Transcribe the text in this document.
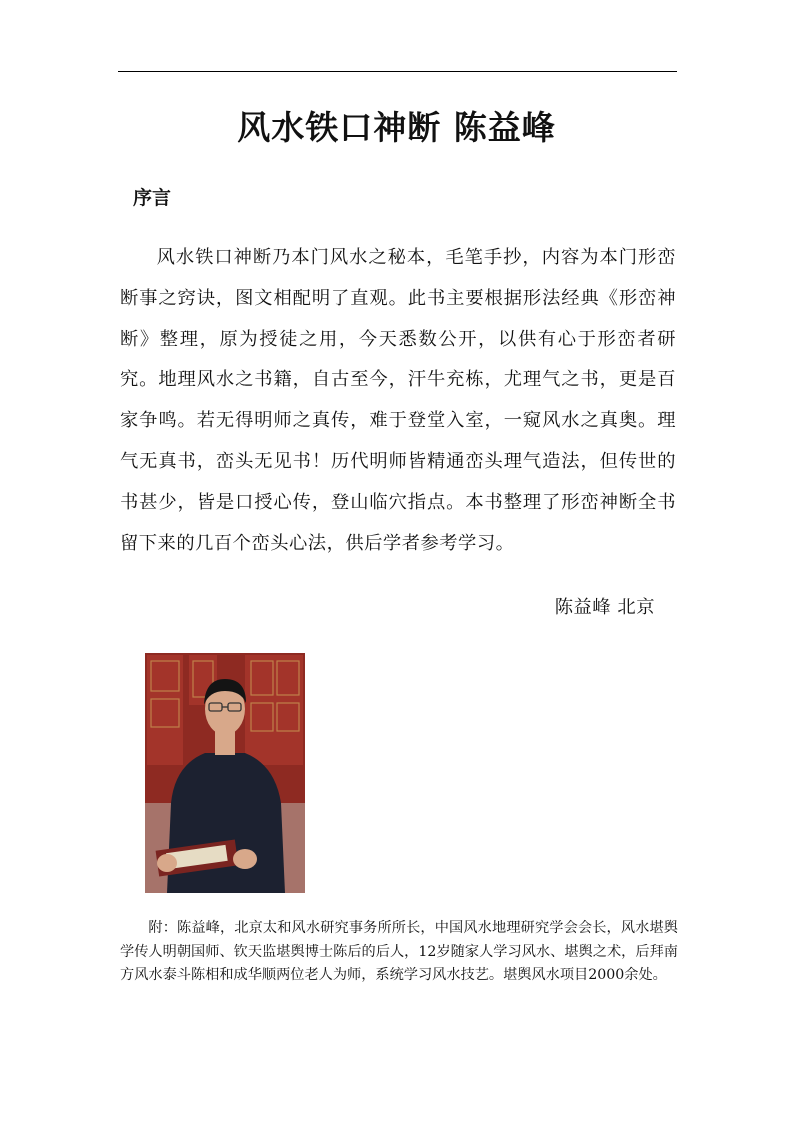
风水铁口神断 陈益峰
序言

风水铁口神断乃本门风水之秘本，毛笔手抄，内容为本门形峦断事之窍诀，图文相配明了直观。此书主要根据形法经典《形峦神断》整理，原为授徒之用，今天悉数公开，以供有心于形峦者研究。地理风水之书籍，自古至今，汗牛充栋，尤理气之书，更是百家争鸣。若无得明师之真传，难于登堂入室，一窥风水之真奥。理气无真书，峦头无见书！历代明师皆精通峦头理气造法，但传世的书甚少，皆是口授心传，登山临穴指点。本书整理了形峦神断全书留下来的几百个峦头心法，供后学者参考学习。

陈益峰 北京

附：陈益峰，北京太和风水研究事务所所长，中国风水地理研究学会会长，风水堪舆学传人明朝国师、钦天监堪舆博士陈后的后人，12岁随家人学习风水、堪舆之术，后拜南方风水泰斗陈相和成华顺两位老人为师，系统学习风水技艺。堪舆风水项目2000余处。
